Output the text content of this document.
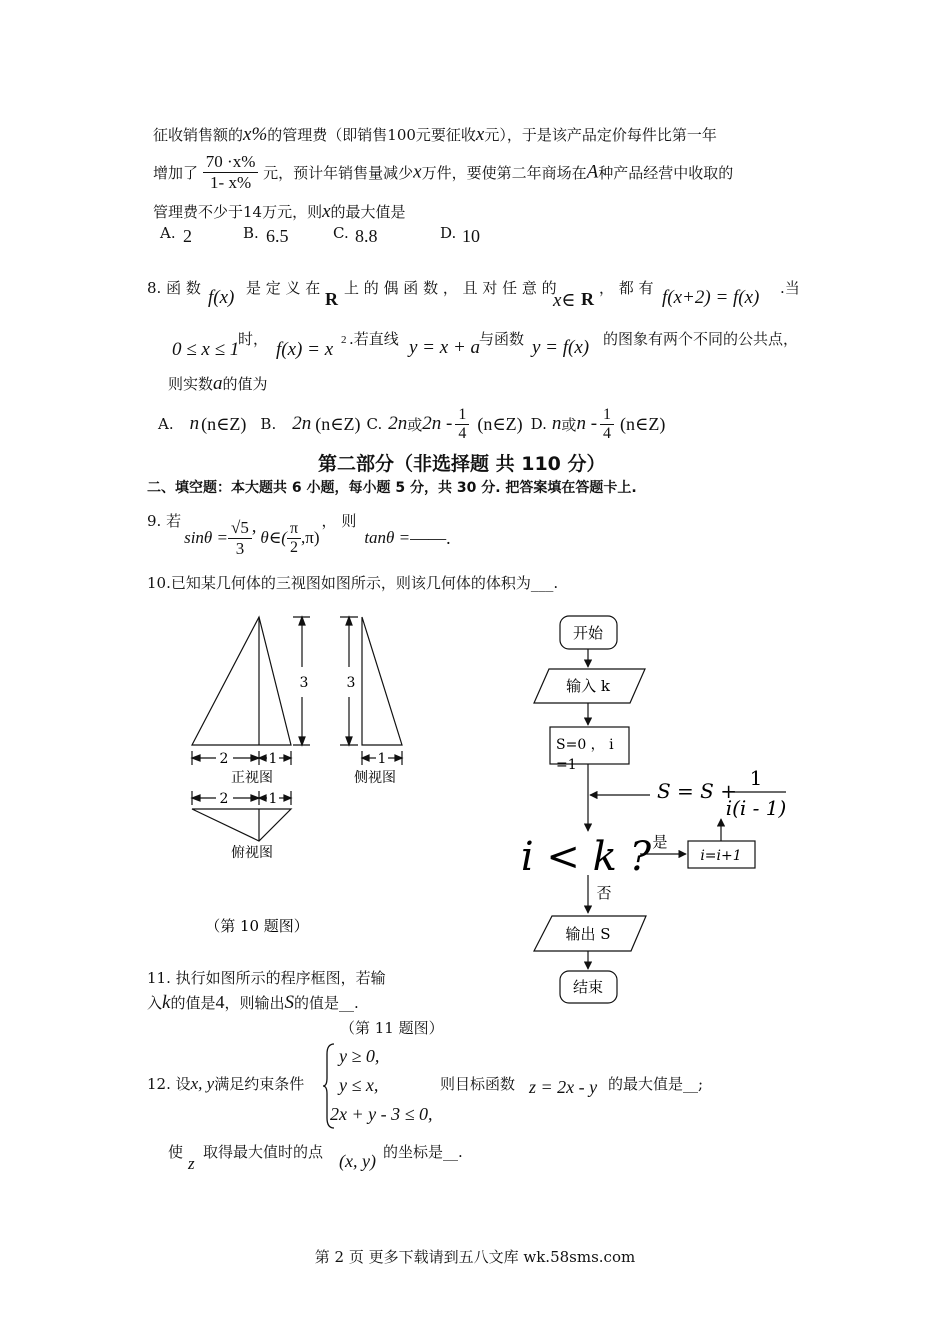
征收销售额的x%的管理费（即销售100元要征收x元），于是该产品定价每件比第一年
增加了 $\frac{70 \cdot x\%}{1- x\%}$ 元，预计年销售量减少x万件，要使第二年商场在A种产品经营中收取的
管理费不少于14万元，则x的最大值是
A. 2	B. 6.5	C. 8.8	D. 10
8. 函 数 f(x) 是 定 义 在
R
上 的 偶 函 数 ， 且 对 任 意 的
x∈ R
， 都 有 f(x+2) = f(x) .当
0 ≤ x ≤ 1
时， f(x) = x 2 .若直线 y = x + a
与函数 y = f(x) 的图象有两个不同的公共点，
则实数a的值为
A. n (n∈Z) B. 2n (n∈Z) C. 2n 或 $2n - \frac{1}{4}$ (n∈Z) D. n 或 n - $\frac{1}{4}$ (n∈Z)
第二部分（非选择题 共 110 分）
二、填空题：本大题共 6 小题，每小题 5 分，共 30 分. 把答案填在答题卡上.
9. 若
$\sin\theta = \frac{√5}{3}$ ,
θ∈( $\frac{\pi}{2} ,\pi$)
， 则
tanθ = —— .
10.已知某几何体的三视图如图所示，则该几何体的体积为___.
3
2	1
正视图
3
1
侧视图
2	1
俯视图
（第 10 题图）
开始
输入 k
S=0 ， i
=1
S = S +
1
i(i - 1)
i < k ? 是
i=i+1
否
输出 S
结束
11. 执行如图所示的程序框图，若输
入k的值是4，则输出S的值是__.
（第 11 题图）
12. 设x, y满足约束条件
y ≥ 0,
y ≤ x,
2x + y - 3 ≤ 0,
则目标函数 z = 2x - y 的最大值是__;
使
z
取得最大值时的点 (x, y) 的坐标是__.
第 2 页 更多下载请到五八文库 wk.58sms.com
